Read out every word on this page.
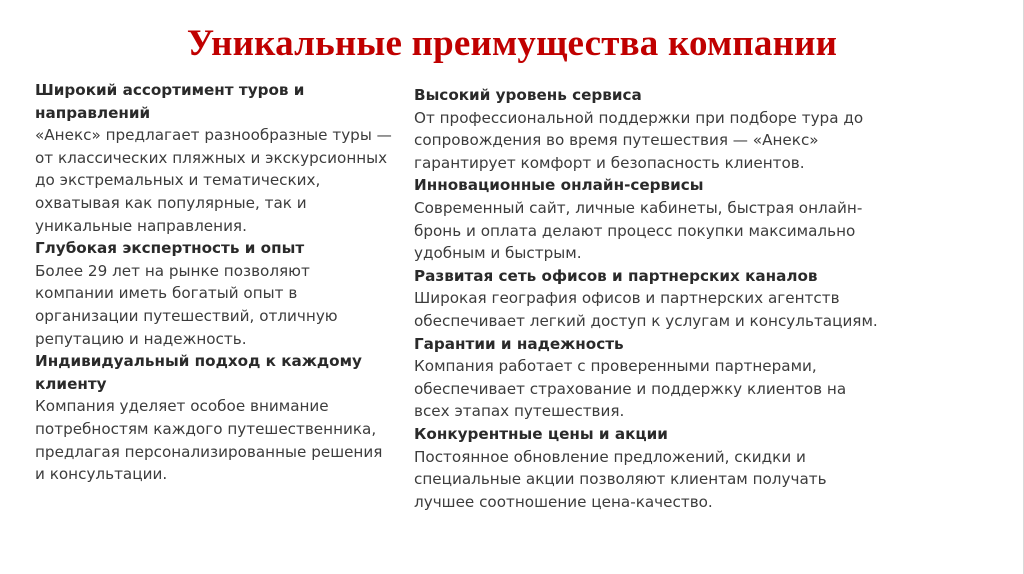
Уникальные преимущества компании
Широкий ассортимент туров и направлений

«Анекс» предлагает разнообразные туры — от классических пляжных и экскурсионных до экстремальных и тематических, охватывая как популярные, так и уникальные направления.

Глубокая экспертность и опыт

Более 29 лет на рынке позволяют компании иметь богатый опыт в организации путешествий, отличную репутацию и надежность.

Индивидуальный подход к каждому клиенту

Компания уделяет особое внимание потребностям каждого путешественника, предлагая персонализированные решения и консультации.

Высокий уровень сервиса

От профессиональной поддержки при подборе тура до сопровождения во время путешествия — «Анекс» гарантирует комфорт и безопасность клиентов.

Инновационные онлайн-сервисы

Современный сайт, личные кабинеты, быстрая онлайн-бронь и оплата делают процесс покупки максимально удобным и быстрым.

Развитая сеть офисов и партнерских каналов

Широкая география офисов и партнерских агентств обеспечивает легкий доступ к услугам и консультациям.

Гарантии и надежность

Компания работает с проверенными партнерами, обеспечивает страхование и поддержку клиентов на всех этапах путешествия.

Конкурентные цены и акции

Постоянное обновление предложений, скидки и специальные акции позволяют клиентам получать лучшее соотношение цена-качество.
